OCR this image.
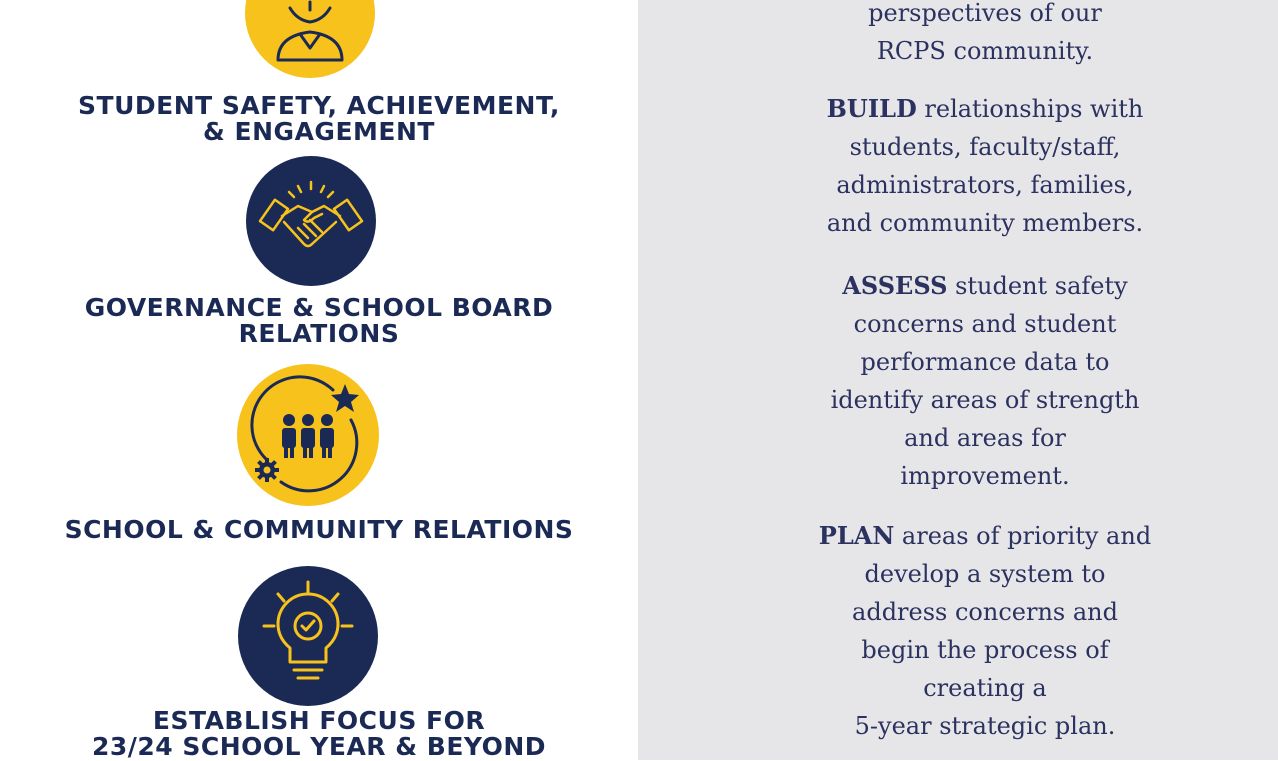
STUDENT SAFETY, ACHIEVEMENT,
& ENGAGEMENT
GOVERNANCE & SCHOOL BOARD
RELATIONS
SCHOOL & COMMUNITY RELATIONS
ESTABLISH FOCUS FOR
23/24 SCHOOL YEAR & BEYOND
perspectives of our
RCPS community.
BUILD relationships with
students, faculty/staff,
administrators, families,
and community members.
ASSESS student safety
concerns and student
performance data to
identify areas of strength
and areas for
improvement.
PLAN areas of priority and
develop a system to
address concerns and
begin the process of
creating a
5-year strategic plan.
